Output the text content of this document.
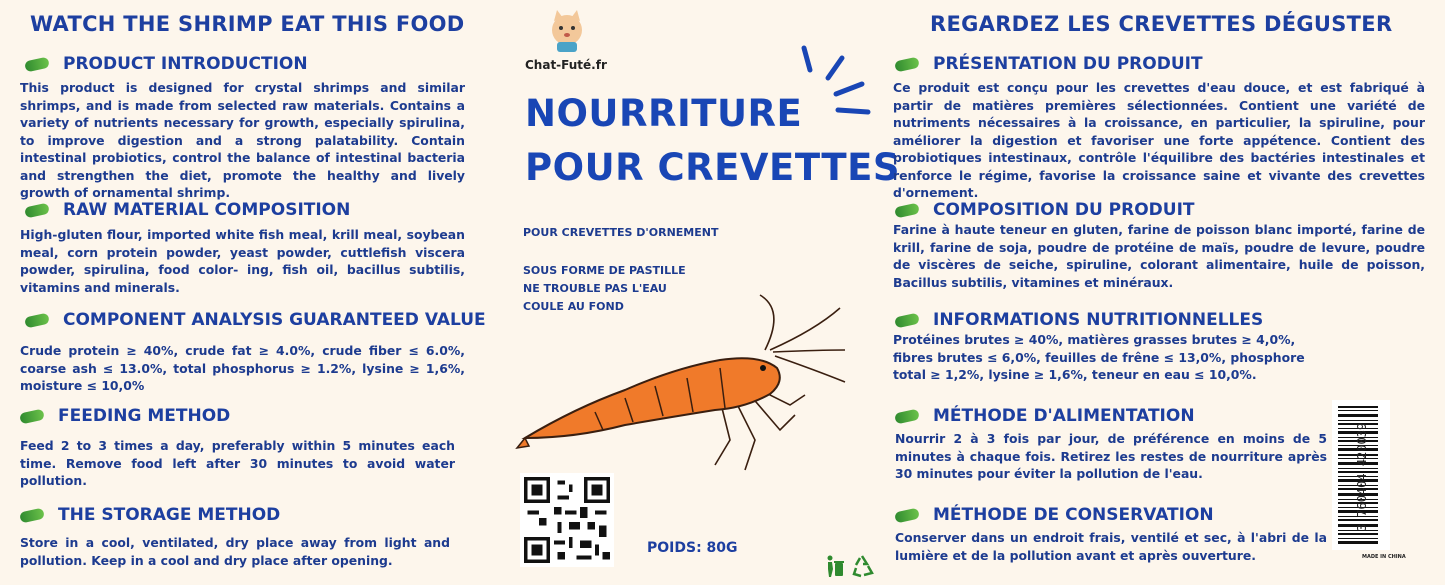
WATCH THE SHRIMP EAT THIS FOOD
PRODUCT INTRODUCTION
This product is designed for crystal shrimps and similar shrimps, and is made from selected raw materials. Contains a variety of nutrients necessary for growth, especially spirulina, to improve digestion and a strong palatability. Contain intestinal probiotics, control the balance of intestinal bacteria and strengthen the diet, promote the healthy and lively growth of ornamental shrimp.
RAW MATERIAL COMPOSITION
High-gluten flour, imported white fish meal, krill meal, soybean meal, corn protein powder, yeast powder, cuttlefish viscera powder, spirulina, food color- ing, fish oil, bacillus subtilis, vitamins and minerals.
COMPONENT ANALYSIS GUARANTEED VALUE
Crude protein ≥ 40%, crude fat ≥ 4.0%, crude fiber ≤ 6.0%, coarse ash ≤ 13.0%, total phosphorus ≥ 1.2%, lysine ≥ 1,6%, moisture ≤ 10,0%
FEEDING METHOD
Feed 2 to 3 times a day, preferably within 5 minutes each time. Remove food left after 30 minutes to avoid water pollution.
THE STORAGE METHOD
Store in a cool, ventilated, dry place away from light and pollution. Keep in a cool and dry place after opening.
Chat-Futé.fr
NOURRITURE
POUR CREVETTES
POUR CREVETTES D'ORNEMENT
SOUS FORME DE PASTILLE
NE TROUBLE PAS L'EAU
COULE AU FOND
POIDS: 80G
REGARDEZ LES CREVETTES DÉGUSTER
PRÉSENTATION DU PRODUIT
Ce produit est conçu pour les crevettes d'eau douce, et est fabriqué à partir de matières premières sélectionnées. Contient une variété de nutriments nécessaires à la croissance, en particulier, la spiruline, pour améliorer la digestion et favoriser une forte appétence. Contient des probiotiques intestinaux, contrôle l'équilibre des bactéries intestinales et renforce le régime, favorise la croissance saine et vivante des crevettes d'ornement.
COMPOSITION DU PRODUIT
Farine à haute teneur en gluten, farine de poisson blanc importé, farine de krill, farine de soja, poudre de protéine de maïs, poudre de levure, poudre de viscères de seiche, spiruline, colorant alimentaire, huile de poisson, Bacillus subtilis, vitamines et minéraux.
INFORMATIONS NUTRITIONNELLES
Protéines brutes ≥ 40%, matières grasses brutes ≥ 4,0%, fibres brutes ≤ 6,0%, feuilles de frêne ≤ 13,0%, phosphore total ≥ 1,2%, lysine ≥ 1,6%, teneur en eau ≤ 10,0%.
MÉTHODE D'ALIMENTATION
Nourrir 2 à 3 fois par jour, de préférence en moins de 5 minutes à chaque fois. Retirez les restes de nourriture après 30 minutes pour éviter la pollution de l'eau.
MÉTHODE DE CONSERVATION
Conserver dans un endroit frais, ventilé et sec, à l'abri de la lumière et de la pollution avant et après ouverture.
3 760404 420039
MADE IN CHINA
